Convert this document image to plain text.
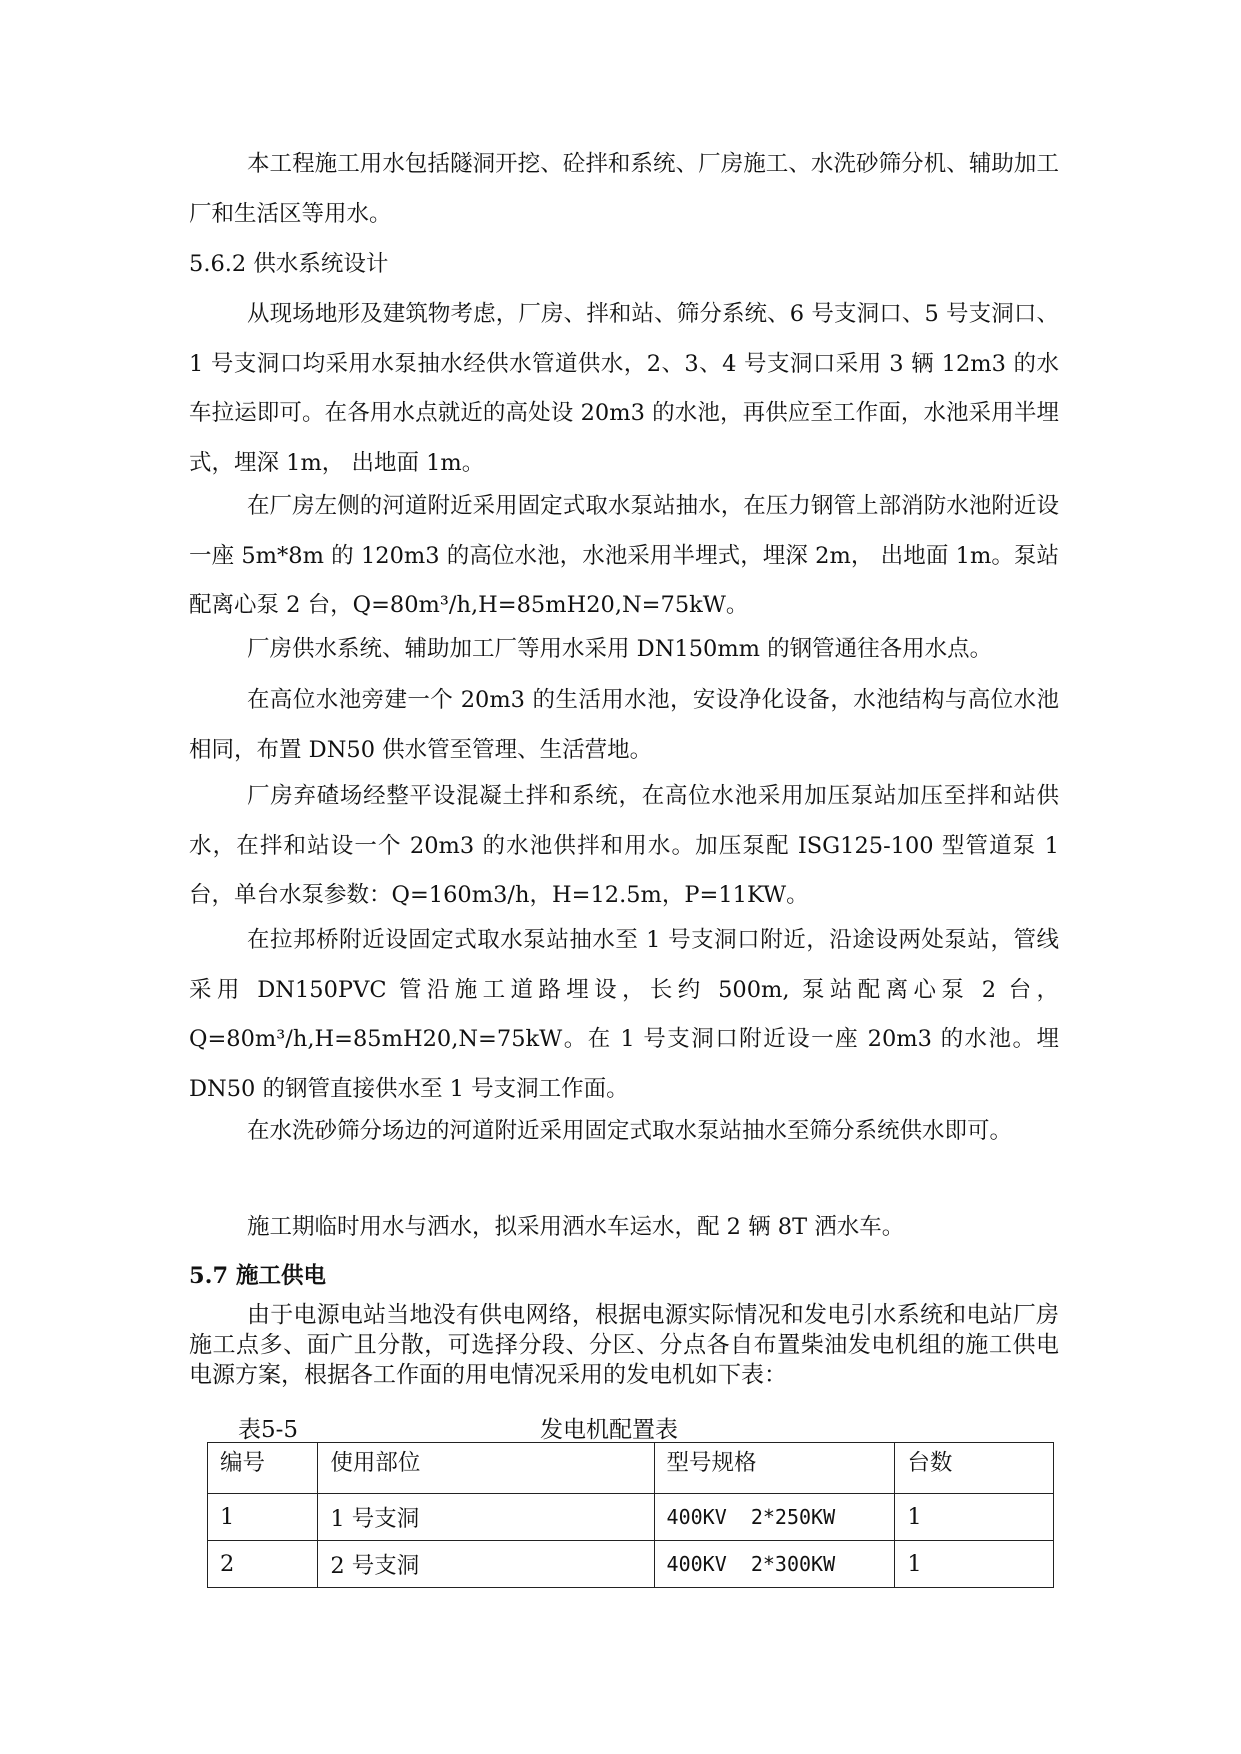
本工程施工用水包括隧洞开挖、砼拌和系统、厂房施工、水洗砂筛分机、辅助加工厂和生活区等用水。

5.6.2 供水系统设计

从现场地形及建筑物考虑，厂房、拌和站、筛分系统、6 号支洞口、5 号支洞口、1 号支洞口均采用水泵抽水经供水管道供水，2、3、4 号支洞口采用 3 辆 12m3 的水车拉运即可。在各用水点就近的高处设 20m3 的水池，再供应至工作面，水池采用半埋式，埋深 1m， 出地面 1m。

在厂房左侧的河道附近采用固定式取水泵站抽水，在压力钢管上部消防水池附近设一座 5m*8m 的 120m3 的高位水池，水池采用半埋式，埋深 2m， 出地面 1m。泵站配离心泵 2 台，Q=80m³/h,H=85mH20,N=75kW。

厂房供水系统、辅助加工厂等用水采用 DN150mm 的钢管通往各用水点。

在高位水池旁建一个 20m3 的生活用水池，安设净化设备，水池结构与高位水池相同，布置 DN50 供水管至管理、生活营地。

厂房弃碴场经整平设混凝土拌和系统，在高位水池采用加压泵站加压至拌和站供水，在拌和站设一个 20m3 的水池供拌和用水。加压泵配 ISG125-100 型管道泵 1 台，单台水泵参数：Q=160m3/h，H=12.5m，P=11KW。

在拉邦桥附近设固定式取水泵站抽水至 1 号支洞口附近，沿途设两处泵站，管线采用 DN150PVC 管沿施工道路埋设，长约 500m, 泵站配离心泵 2 台，Q=80m³/h,H=85mH20,N=75kW。在 1 号支洞口附近设一座 20m3 的水池。埋 DN50 的钢管直接供水至 1 号支洞工作面。

在水洗砂筛分场边的河道附近采用固定式取水泵站抽水至筛分系统供水即可。

施工期临时用水与洒水，拟采用洒水车运水，配 2 辆 8T 洒水车。

5.7 施工供电

由于电源电站当地没有供电网络，根据电源实际情况和发电引水系统和电站厂房施工点多、面广且分散，可选择分段、分区、分点各自布置柴油发电机组的施工供电电源方案，根据各工作面的用电情况采用的发电机如下表：

表5-5	发电机配置表
编号	使用部位	型号规格	台数
1	1 号支洞	400KV  2*250KW	1
2	2 号支洞	400KV  2*300KW	1
